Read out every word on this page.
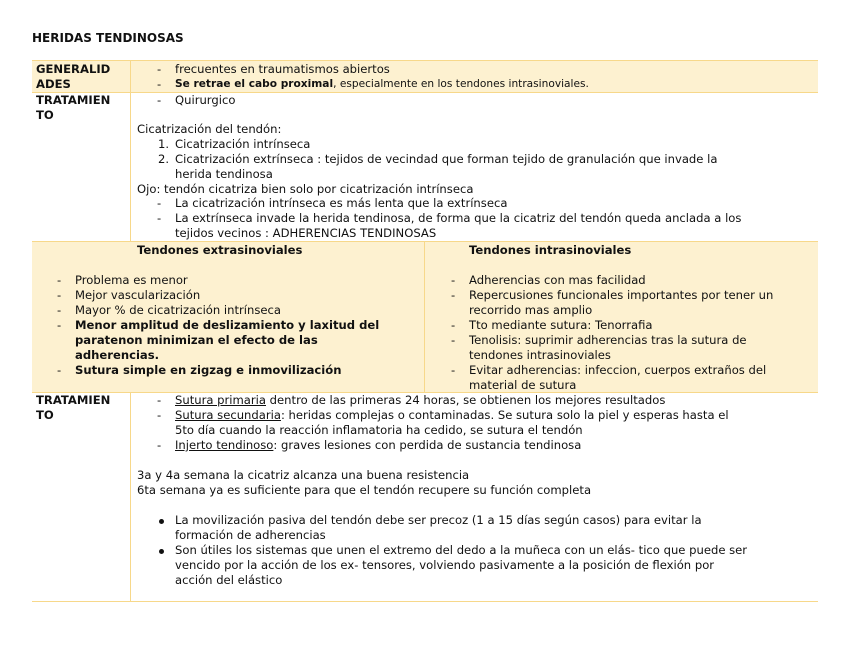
HERIDAS TENDINOSAS
GENERALID
ADES
- frecuentes en traumatismos abiertos
- Se retrae el cabo proximal, especialmente en los tendones intrasinoviales.
TRATAMIEN
TO
- Quirurgico
Cicatrización del tendón:
1. Cicatrización intrínseca
2. Cicatrización extrínseca : tejidos de vecindad que forman tejido de granulación que invade la
herida tendinosa
Ojo: tendón cicatriza bien solo por cicatrización intrínseca
- La cicatrización intrínseca es más lenta que la extrínseca
- La extrínseca invade la herida tendinosa, de forma que la cicatriz del tendón queda anclada a los
tejidos vecinos : ADHERENCIAS TENDINOSAS
Tendones extrasinoviales
- Problema es menor
- Mejor vascularización
- Mayor % de cicatrización intrínseca
- Menor amplitud de deslizamiento y laxitud del
paratenon minimizan el efecto de las
adherencias.
- Sutura simple en zigzag e inmovilización
Tendones intrasinoviales
- Adherencias con mas facilidad
- Repercusiones funcionales importantes por tener un
recorrido mas amplio
- Tto mediante sutura: Tenorrafia
- Tenolisis: suprimir adherencias tras la sutura de
tendones intrasinoviales
- Evitar adherencias: infeccion, cuerpos extraños del
material de sutura
TRATAMIEN
TO
- Sutura primaria dentro de las primeras 24 horas, se obtienen los mejores resultados
- Sutura secundaria: heridas complejas o contaminadas. Se sutura solo la piel y esperas hasta el
5to día cuando la reacción inflamatoria ha cedido, se sutura el tendón
- Injerto tendinoso: graves lesiones con perdida de sustancia tendinosa
3a y 4a semana la cicatriz alcanza una buena resistencia
6ta semana ya es suficiente para que el tendón recupere su función completa
La movilización pasiva del tendón debe ser precoz (1 a 15 días según casos) para evitar la
formación de adherencias
Son útiles los sistemas que unen el extremo del dedo a la muñeca con un elás- tico que puede ser
vencido por la acción de los ex- tensores, volviendo pasivamente a la posición de flexión por
acción del elástico
